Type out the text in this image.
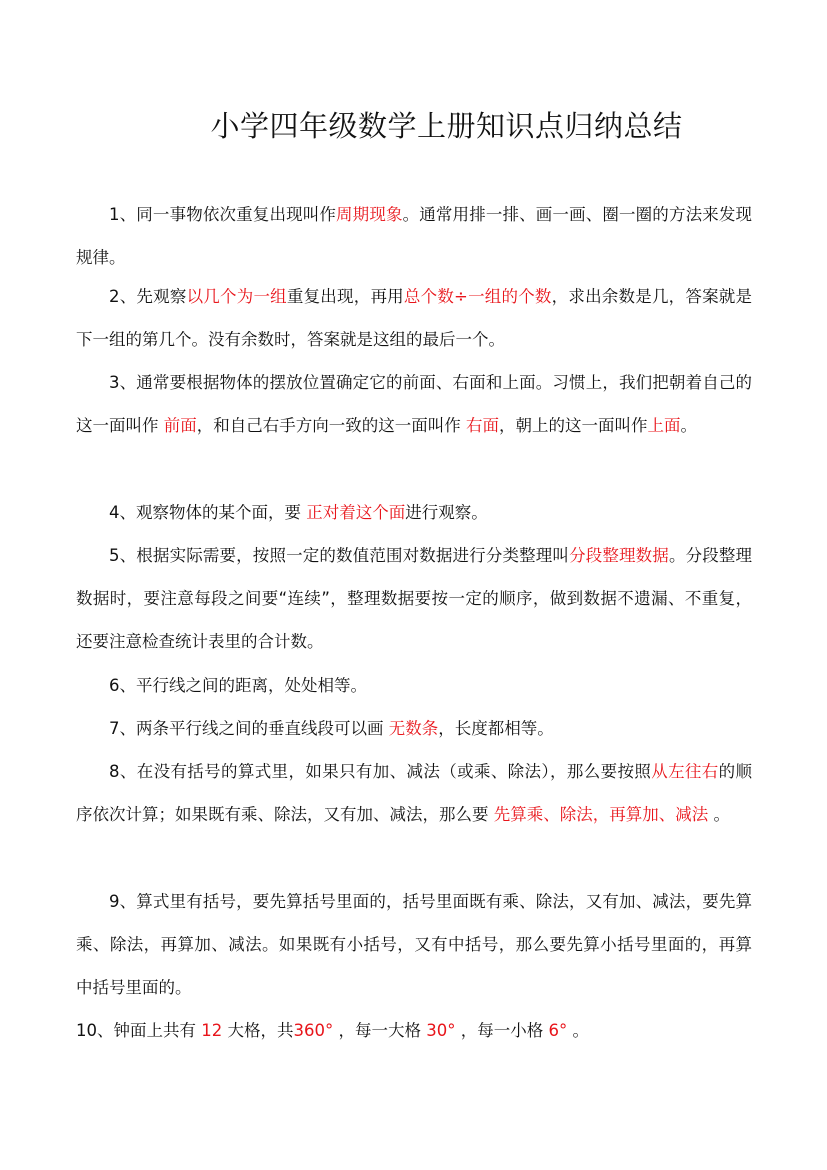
小学四年级数学上册知识点归纳总结

1、同一事物依次重复出现叫作周期现象。通常用排一排、画一画、圈一圈的方法来发现规律。

2、先观察以几个为一组重复出现，再用总个数÷一组的个数，求出余数是几，答案就是下一组的第几个。没有余数时，答案就是这组的最后一个。

3、通常要根据物体的摆放位置确定它的前面、右面和上面。习惯上，我们把朝着自己的这一面叫作 前面，和自己右手方向一致的这一面叫作 右面，朝上的这一面叫作上面。

4、观察物体的某个面，要 正对着这个面进行观察。

5、根据实际需要，按照一定的数值范围对数据进行分类整理叫分段整理数据。分段整理数据时，要注意每段之间要“连续”，整理数据要按一定的顺序，做到数据不遗漏、不重复，还要注意检查统计表里的合计数。

6、平行线之间的距离，处处相等。

7、两条平行线之间的垂直线段可以画 无数条，长度都相等。

8、在没有括号的算式里，如果只有加、减法（或乘、除法），那么要按照从左往右的顺序依次计算；如果既有乘、除法，又有加、减法，那么要 先算乘、除法，再算加、减法 。

9、算式里有括号，要先算括号里面的，括号里面既有乘、除法，又有加、减法，要先算乘、除法，再算加、减法。如果既有小括号，又有中括号，那么要先算小括号里面的，再算中括号里面的。

10、钟面上共有 12 大格，共360° ，每一大格 30° ，每一小格 6° 。
